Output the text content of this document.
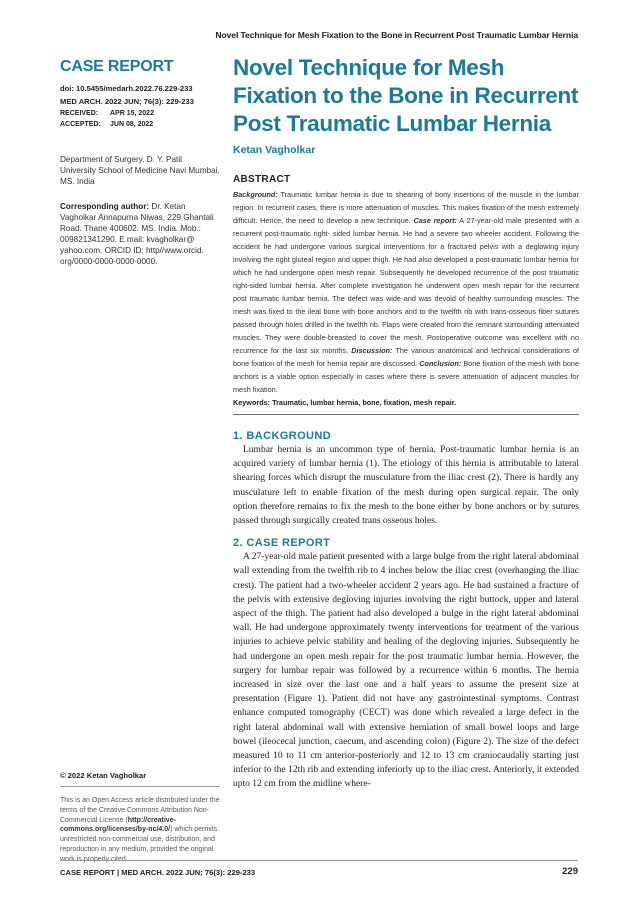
Novel Technique for Mesh Fixation to the Bone in Recurrent Post Traumatic Lumbar Hernia
CASE REPORT
doi: 10.5455/medarh.2022.76.229-233
MED ARCH. 2022 JUN; 76(3): 229-233
RECEIVED:	APR 15, 2022
ACCEPTED:	JUN 08, 2022
Department of Surgery. D. Y. Patil University School of Medicine Navi Mumbai. MS. India
Corresponding author: Dr. Ketan Vagholkar Annapurna Niwas, 229 Ghantali Road. Thane 400602. MS. India. Mob.: 009821341290. E mail: kvagholkar@ yahoo.com. ORCID ID: http//www.orcid. org/0000-0000-0000-0000.
© 2022 Ketan Vagholkar
This is an Open Access article distributed under the terms of the Creative Commons Attribution Non-Commercial License (http://creative-commons.org/licenses/by-nc/4.0/) which permits unrestricted non-commercial use, distribution, and reproduction in any medium, provided the original
Novel Technique for Mesh Fixation to the Bone in Recurrent Post Traumatic Lumbar Hernia
Ketan Vagholkar
ABSTRACT
Background: Traumatic lumbar hernia is due to shearing of bony insertions of the muscle in the lumbar region. In recurrent cases, there is more attenuation of muscles. This makes fixation of the mesh extremely difficult. Hence, the need to develop a new technique. Case report: A 27-year-old male presented with a recurrent post-traumatic right- sided lumbar hernia. He had a severe two wheeler accident. Following the accident he had undergone various surgical interventions for a fractured pelvis with a deglowing injury involving the right gluteal region and upper thigh. He had also developed a post-traumatic lumbar hernia for which he had undergone open mesh repair. Subsequently he developed recurrence of the post traumatic right-sided lumbar hernia. After complete investigation he underwent open mesh repair for the recurrent post traumatic lumbar hernia. The defect was wide and was devoid of healthy surrounding muscles. The mesh was fixed to the ileal bone with bone anchors and to the twelfth rib with trans-osseous fiber sutures passed through holes drilled in the twelfth rib. Flaps were created from the remnant surrounding attenuated muscles. They were double-breasted to cover the mesh. Postoperative outcome was excellent with no recurrence for the last six months. Discussion: The various anatomical and technical considerations of bone fixation of the mesh for hernia repair are discussed. Conclusion: Bone fixation of the mesh with bone anchors is a viable option especially in cases where there is severe attenuation of adjacent muscles for mesh fixation.
Keywords: Traumatic, lumbar hernia, bone, fixation, mesh repair.
1. BACKGROUND

Lumbar hernia is an uncommon type of hernia. Post-traumatic lumbar hernia is an acquired variety of lumbar hernia (1). The etiology of this hernia is attributable to lateral shearing forces which disrupt the musculature from the iliac crest (2). There is hardly any musculature left to enable fixation of the mesh during open surgical repair. The only option therefore remains to fix the mesh to the bone either by bone anchors or by sutures passed through surgically created trans osseous holes.

2. CASE REPORT

A 27-year-old male patient presented with a large bulge from the right lateral abdominal wall extending from the twelfth rib to 4 inches below the iliac crest (overhanging the iliac crest). The patient had a two-wheeler accident 2 years ago. He had sustained a fracture of the pelvis with extensive degloving injuries involving the right buttock, upper and lateral aspect of the thigh. The patient had also developed a bulge in the right lateral abdominal wall. He had undergone approximately twenty interventions for treatment of the various injuries to achieve pelvic stability and healing of the degloving injuries. Subsequently he had undergone an open mesh repair for the post traumatic lumbar hernia. However, the surgery for lumbar repair was followed by a recurrence within 6 months. The hernia increased in size over the last one and a half years to assume the present size at presentation (Figure 1). Patient did not have any gastrointestinal symptoms. Contrast enhance computed tomography (CECT) was done which revealed a large defect in the right lateral abdominal wall with extensive herniation of small bowel loops and large bowel (ileocecal junction, caecum, and ascending colon) (Figure 2). The size of the defect measured 10 to 11 cm anterior-posteriorly and 12 to 13 cm craniocaudally starting just inferior to the 12th rib and extending inferiorly up to the iliac crest. Anteriorly, it extended upto 12 cm from the midline where-

CASE REPORT | MED ARCH. 2022 JUN; 76(3): 229-233	229
